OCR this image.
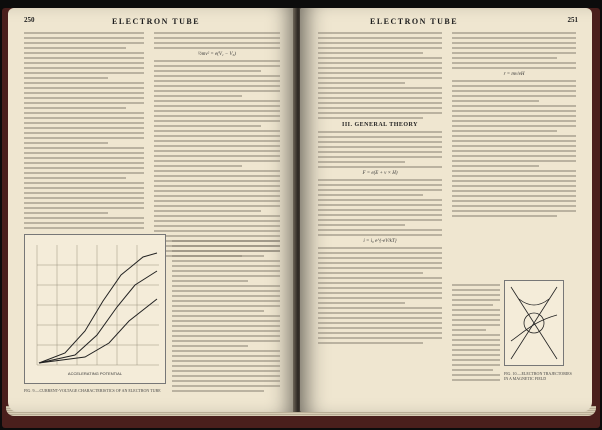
250	ELECTRON TUBE
½mv² = e(V₁ − V₀)
ACCELERATING POTENTIAL
FIG. 9.—CURRENT-VOLTAGE CHARACTERISTICS OF AN ELECTRON TUBE
ELECTRON TUBE	251
III. GENERAL THEORY
F = e(E + v × H)
i = i₀ e^{-eV/kT}
r = mv/eH
FIG. 10.—ELECTRON TRAJECTORIES IN A MAGNETIC FIELD
